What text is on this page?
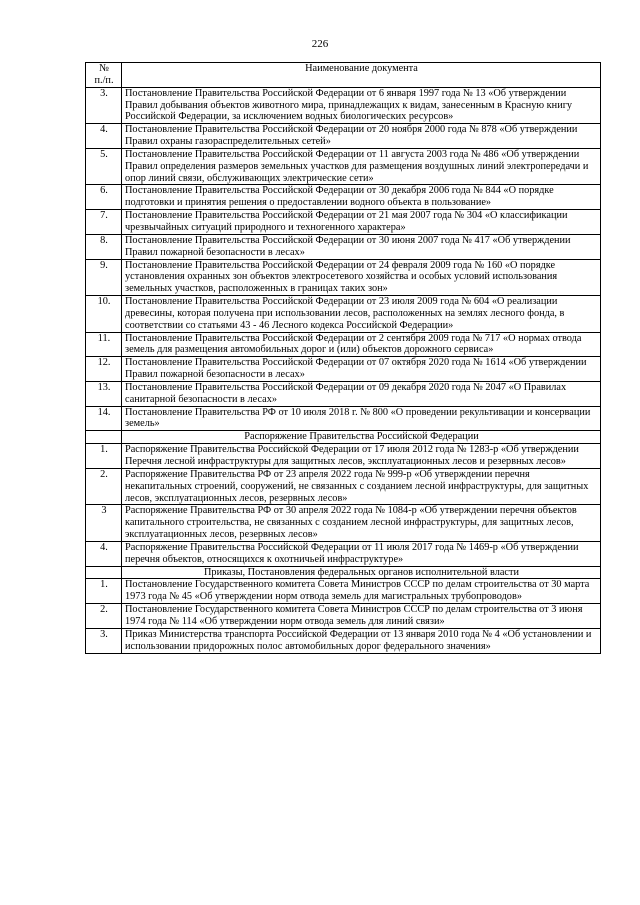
226
№
п./п.	Наименование документа
3.	Постановление Правительства Российской Федерации от 6 января 1997 года № 13 «Об утверждении Правил добывания объектов животного мира, принадлежащих к видам, занесенным в Красную книгу Российской Федерации, за исключением водных биологических ресурсов»
4.	Постановление Правительства Российской Федерации от 20 ноября 2000 года № 878 «Об утверждении Правил охраны газораспределительных сетей»
5.	Постановление Правительства Российской Федерации от 11 августа 2003 года № 486 «Об утверждении Правил определения размеров земельных участков для размещения воздушных линий электропередачи и опор линий связи, обслуживающих электрические сети»
6.	Постановление Правительства Российской Федерации от 30 декабря 2006 года № 844 «О порядке подготовки и принятия решения о предоставлении водного объекта в пользование»
7.	Постановление Правительства Российской Федерации от 21 мая 2007 года № 304 «О классификации чрезвычайных ситуаций природного и техногенного характера»
8.	Постановление Правительства Российской Федерации от 30 июня 2007 года № 417 «Об утверждении Правил пожарной безопасности в лесах»
9.	Постановление Правительства Российской Федерации от 24 февраля 2009 года № 160 «О порядке установления охранных зон объектов электросетевого хозяйства и особых условий использования земельных участков, расположенных в границах таких зон»
10.	Постановление Правительства Российской Федерации от 23 июля 2009 года № 604 «О реализации древесины, которая получена при использовании лесов, расположенных на землях лесного фонда, в соответствии со статьями 43 - 46 Лесного кодекса Российской Федерации»
11.	Постановление Правительства Российской Федерации от 2 сентября 2009 года № 717 «О нормах отвода земель для размещения автомобильных дорог и (или) объектов дорожного сервиса»
12.	Постановление Правительства Российской Федерации от 07 октября 2020 года № 1614 «Об утверждении Правил пожарной безопасности в лесах»
13.	Постановление Правительства Российской Федерации от 09 декабря 2020 года № 2047 «О Правилах санитарной безопасности в лесах»
14.	Постановление Правительства РФ от 10 июля 2018 г. № 800 «О проведении рекультивации и консервации земель»
	Распоряжение Правительства Российской Федерации
1.	Распоряжение Правительства Российской Федерации от 17 июля 2012 года № 1283-р «Об утверждении Перечня лесной инфраструктуры для защитных лесов, эксплуатационных лесов и резервных лесов»
2.	Распоряжение Правительства РФ от 23 апреля 2022 года № 999-р «Об утверждении перечня некапитальных строений, сооружений, не связанных с созданием лесной инфраструктуры, для защитных лесов, эксплуатационных лесов, резервных лесов»
3	Распоряжение Правительства РФ от 30 апреля 2022 года № 1084-р «Об утверждении перечня объектов капитального строительства, не связанных с созданием лесной инфраструктуры, для защитных лесов, эксплуатационных лесов, резервных лесов»
4.	Распоряжение Правительства Российской Федерации от 11 июля 2017 года № 1469-р «Об утверждении перечня объектов, относящихся к охотничьей инфраструктуре»
	Приказы, Постановления федеральных органов исполнительной власти
1.	Постановление Государственного комитета Совета Министров СССР по делам строительства от 30 марта 1973 года № 45 «Об утверждении норм отвода земель для магистральных трубопроводов»
2.	Постановление Государственного комитета Совета Министров СССР по делам строительства от 3 июня 1974 года № 114 «Об утверждении норм отвода земель для линий связи»
3.	Приказ Министерства транспорта Российской Федерации от 13 января 2010 года № 4 «Об установлении и использовании придорожных полос автомобильных дорог федерального значения»
